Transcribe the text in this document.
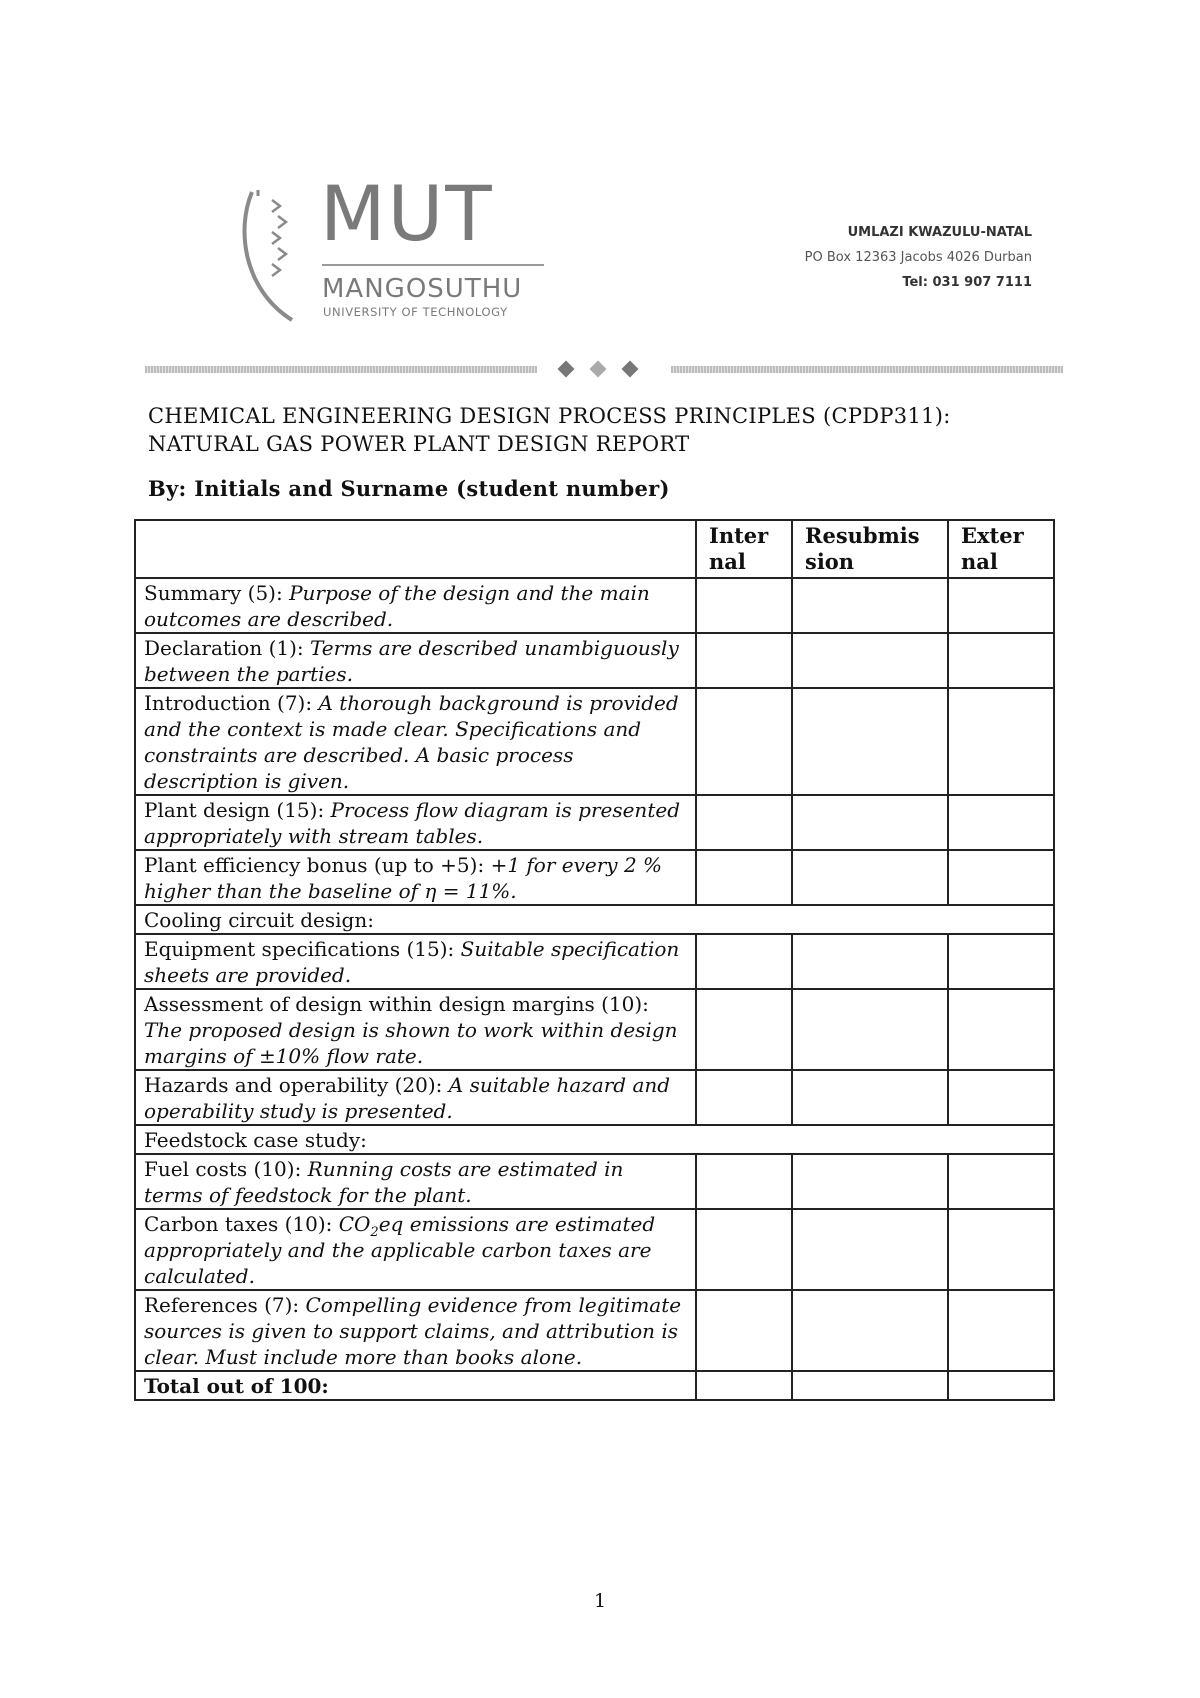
MUT
MANGOSUTHU
UNIVERSITY OF TECHNOLOGY
UMLAZI KWAZULU-NATAL
PO Box 12363 Jacobs 4026 Durban
Tel: 031 907 7111
CHEMICAL ENGINEERING DESIGN PROCESS PRINCIPLES (CPDP311):
NATURAL GAS POWER PLANT DESIGN REPORT

By: Initials and Surname (student number)

	Inter nal	Resubmis sion	Exter nal
Summary (5): Purpose of the design and the main outcomes are described.			
Declaration (1): Terms are described unambiguously between the parties.			
Introduction (7): A thorough background is provided and the context is made clear. Specifications and constraints are described. A basic process description is given.			
Plant design (15): Process flow diagram is presented appropriately with stream tables.			
Plant efficiency bonus (up to +5): +1 for every 2 % higher than the baseline of η = 11%.			
Cooling circuit design:			
Equipment specifications (15): Suitable specification sheets are provided.			
Assessment of design within design margins (10): The proposed design is shown to work within design margins of ±10% flow rate.			
Hazards and operability (20): A suitable hazard and operability study is presented.			
Feedstock case study:			
Fuel costs (10): Running costs are estimated in terms of feedstock for the plant.			
Carbon taxes (10): $CO_2eq$ emissions are estimated appropriately and the applicable carbon taxes are calculated.			
References (7): Compelling evidence from legitimate sources is given to support claims, and attribution is clear. Must include more than books alone.			
Total out of 100:			
1
